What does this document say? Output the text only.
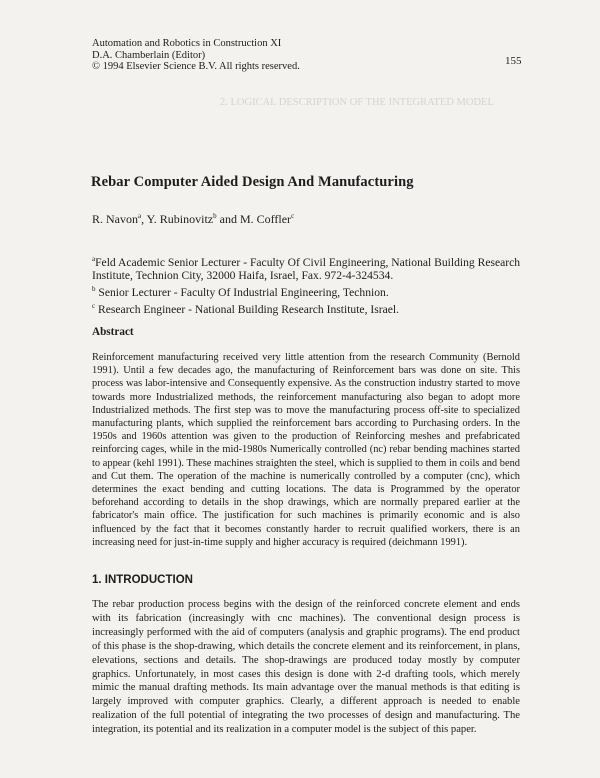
2. LOGICAL DESCRIPTION OF THE INTEGRATED MODEL
Automation and Robotics in Construction XI
D.A. Chamberlain (Editor)
© 1994 Elsevier Science B.V. All rights reserved.	155
Rebar Computer Aided Design And Manufacturing
R. Navon$^a$, Y. Rubinovitz$^b$ and M. Coffler$^c$
$^a$Feld Academic Senior Lecturer - Faculty Of Civil Engineering, National Building Research Institute, Technion City, 32000 Haifa, Israel, Fax. 972-4-324534.
$^b$ Senior Lecturer - Faculty Of Industrial Engineering, Technion.
$^c$ Research Engineer - National Building Research Institute, Israel.
Abstract

Reinforcement manufacturing received very little attention from the research Community (Bernold 1991). Until a few decades ago, the manufacturing of Reinforcement bars was done on site. This process was labor-intensive and Consequently expensive. As the construction industry started to move towards more Industrialized methods, the reinforcement manufacturing also began to adopt more Industrialized methods. The first step was to move the manufacturing process off-site to specialized manufacturing plants, which supplied the reinforcement bars according to Purchasing orders. In the 1950s and 1960s attention was given to the production of Reinforcing meshes and prefabricated reinforcing cages, while in the mid-1980s Numerically controlled (nc) rebar bending machines started to appear (kehl 1991). These machines straighten the steel, which is supplied to them in coils and bend and Cut them. The operation of the machine is numerically controlled by a computer (cnc), which determines the exact bending and cutting locations. The data is Programmed by the operator beforehand according to details in the shop drawings, which are normally prepared earlier at the fabricator's main office. The justification for such machines is primarily economic and is also influenced by the fact that it becomes constantly harder to recruit qualified workers, there is an increasing need for just-in-time supply and higher accuracy is required (deichmann 1991).

1. INTRODUCTION

The rebar production process begins with the design of the reinforced concrete element and ends with its fabrication (increasingly with cnc machines). The conventional design process is increasingly performed with the aid of computers (analysis and graphic programs). The end product of this phase is the shop-drawing, which details the concrete element and its reinforcement, in plans, elevations, sections and details. The shop-drawings are produced today mostly by computer graphics. Unfortunately, in most cases this design is done with 2-d drafting tools, which merely mimic the manual drafting methods. Its main advantage over the manual methods is that editing is largely improved with computer graphics. Clearly, a different approach is needed to enable realization of the full potential of integrating the two processes of design and manufacturing. The integration, its potential and its realization in a computer model is the subject of this paper.
